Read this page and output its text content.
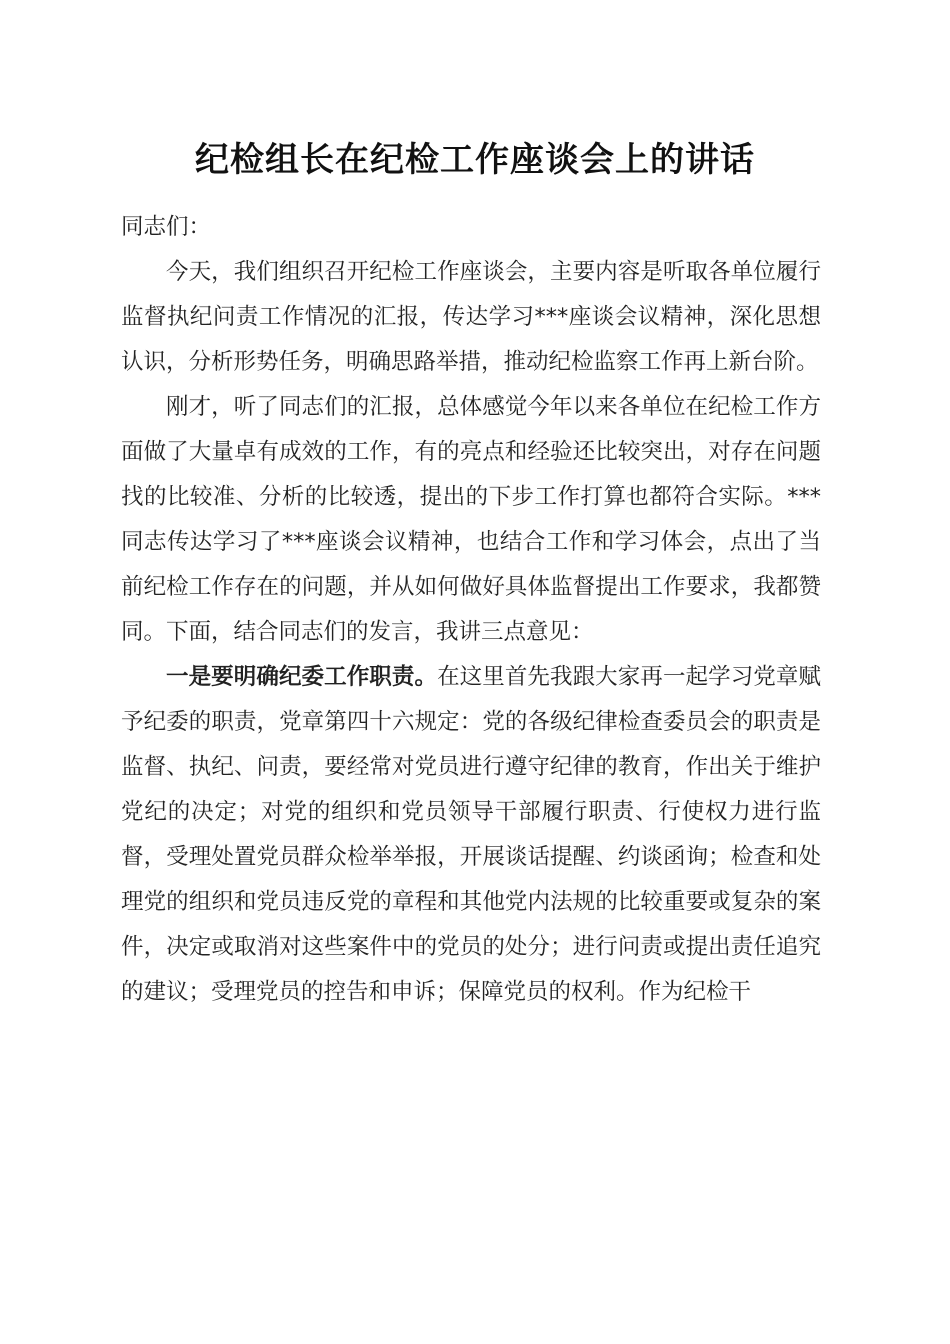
纪检组长在纪检工作座谈会上的讲话

同志们：

今天，我们组织召开纪检工作座谈会，主要内容是听取各单位履行监督执纪问责工作情况的汇报，传达学习***座谈会议精神，深化思想认识，分析形势任务，明确思路举措，推动纪检监察工作再上新台阶。

刚才，听了同志们的汇报，总体感觉今年以来各单位在纪检工作方面做了大量卓有成效的工作，有的亮点和经验还比较突出，对存在问题找的比较准、分析的比较透，提出的下步工作打算也都符合实际。***同志传达学习了***座谈会议精神，也结合工作和学习体会，点出了当前纪检工作存在的问题，并从如何做好具体监督提出工作要求，我都赞同。下面，结合同志们的发言，我讲三点意见：

一是要明确纪委工作职责。在这里首先我跟大家再一起学习党章赋予纪委的职责，党章第四十六规定：党的各级纪律检查委员会的职责是监督、执纪、问责，要经常对党员进行遵守纪律的教育，作出关于维护党纪的决定；对党的组织和党员领导干部履行职责、行使权力进行监督，受理处置党员群众检举举报，开展谈话提醒、约谈函询；检查和处理党的组织和党员违反党的章程和其他党内法规的比较重要或复杂的案件，决定或取消对这些案件中的党员的处分；进行问责或提出责任追究的建议；受理党员的控告和申诉；保障党员的权利。作为纪检干
